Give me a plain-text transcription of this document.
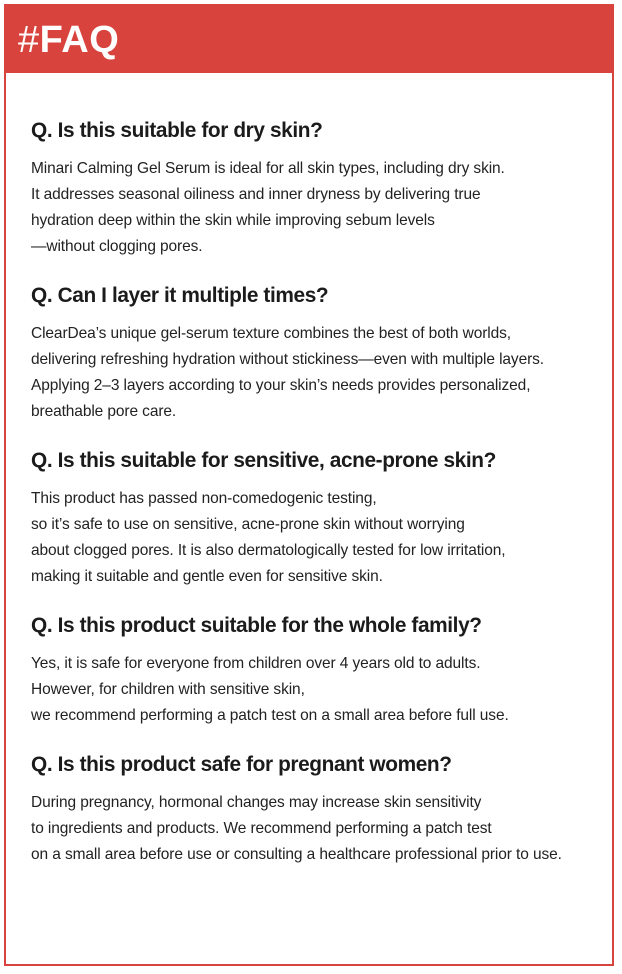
#FAQ
Q. Is this suitable for dry skin?
Minari Calming Gel Serum is ideal for all skin types, including dry skin.
It addresses seasonal oiliness and inner dryness by delivering true
hydration deep within the skin while improving sebum levels
—without clogging pores.
Q. Can I layer it multiple times?
ClearDea’s unique gel-serum texture combines the best of both worlds,
delivering refreshing hydration without stickiness—even with multiple layers.
Applying 2–3 layers according to your skin’s needs provides personalized,
breathable pore care.
Q. Is this suitable for sensitive, acne-prone skin?
This product has passed non-comedogenic testing,
so it’s safe to use on sensitive, acne-prone skin without worrying
about clogged pores. It is also dermatologically tested for low irritation,
making it suitable and gentle even for sensitive skin.
Q. Is this product suitable for the whole family?
Yes, it is safe for everyone from children over 4 years old to adults.
However, for children with sensitive skin,
we recommend performing a patch test on a small area before full use.
Q. Is this product safe for pregnant women?
During pregnancy, hormonal changes may increase skin sensitivity
to ingredients and products. We recommend performing a patch test
on a small area before use or consulting a healthcare professional prior to use.
